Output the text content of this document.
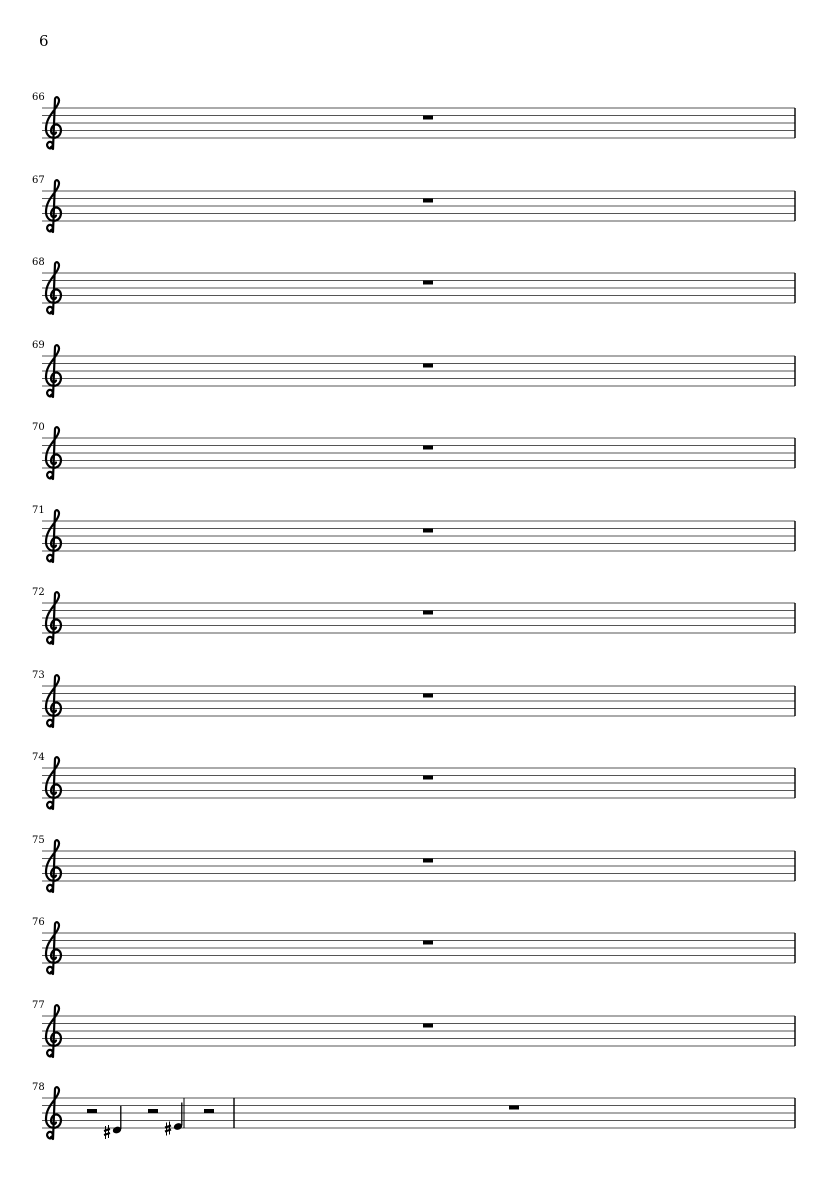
6
66
67
68
69
70
71
72
73
74
75
76
77
78
